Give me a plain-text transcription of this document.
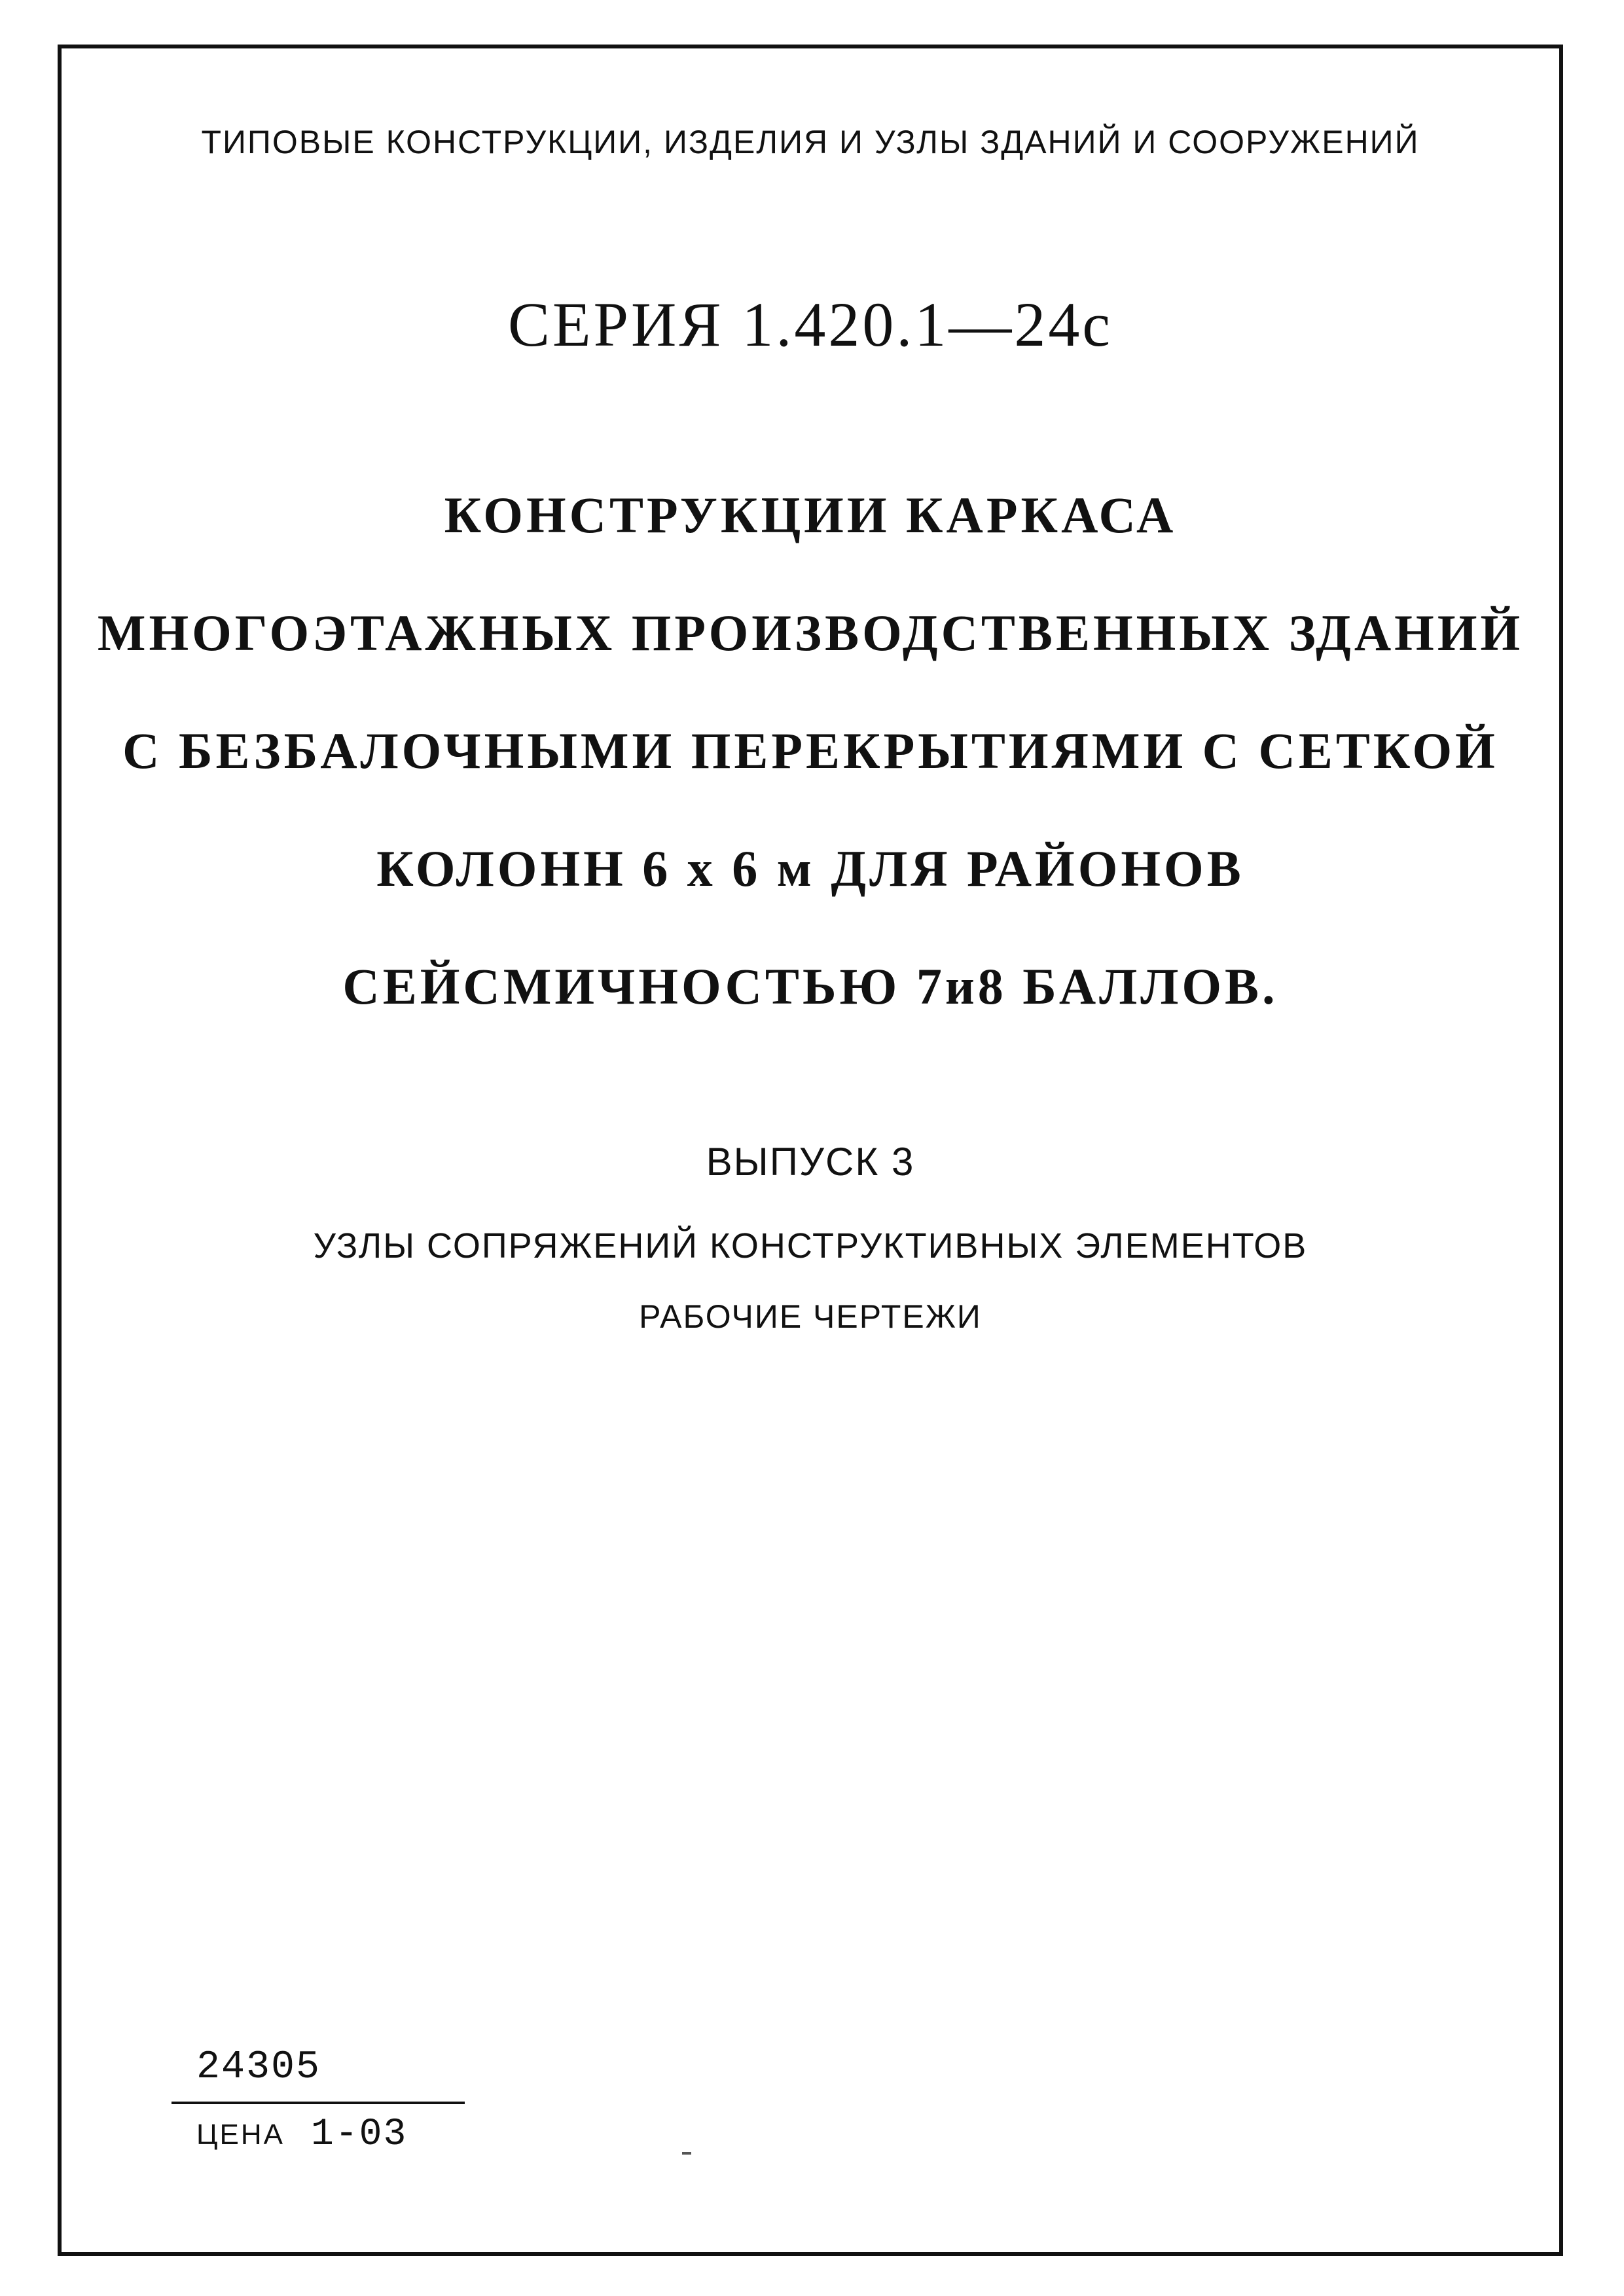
ТИПОВЫЕ КОНСТРУКЦИИ, ИЗДЕЛИЯ И УЗЛЫ ЗДАНИЙ И СООРУЖЕНИЙ
СЕРИЯ 1.420.1—24с
КОНСТРУКЦИИ КАРКАСА
МНОГОЭТАЖНЫХ ПРОИЗВОДСТВЕННЫХ ЗДАНИЙ
С БЕЗБАЛОЧНЫМИ ПЕРЕКРЫТИЯМИ С СЕТКОЙ
КОЛОНН 6 х 6 м ДЛЯ РАЙОНОВ
СЕЙСМИЧНОСТЬЮ 7и8 БАЛЛОВ.
ВЫПУСК 3
УЗЛЫ СОПРЯЖЕНИЙ КОНСТРУКТИВНЫХ ЭЛЕМЕНТОВ
РАБОЧИЕ ЧЕРТЕЖИ
24305
ЦЕНА 1-03
